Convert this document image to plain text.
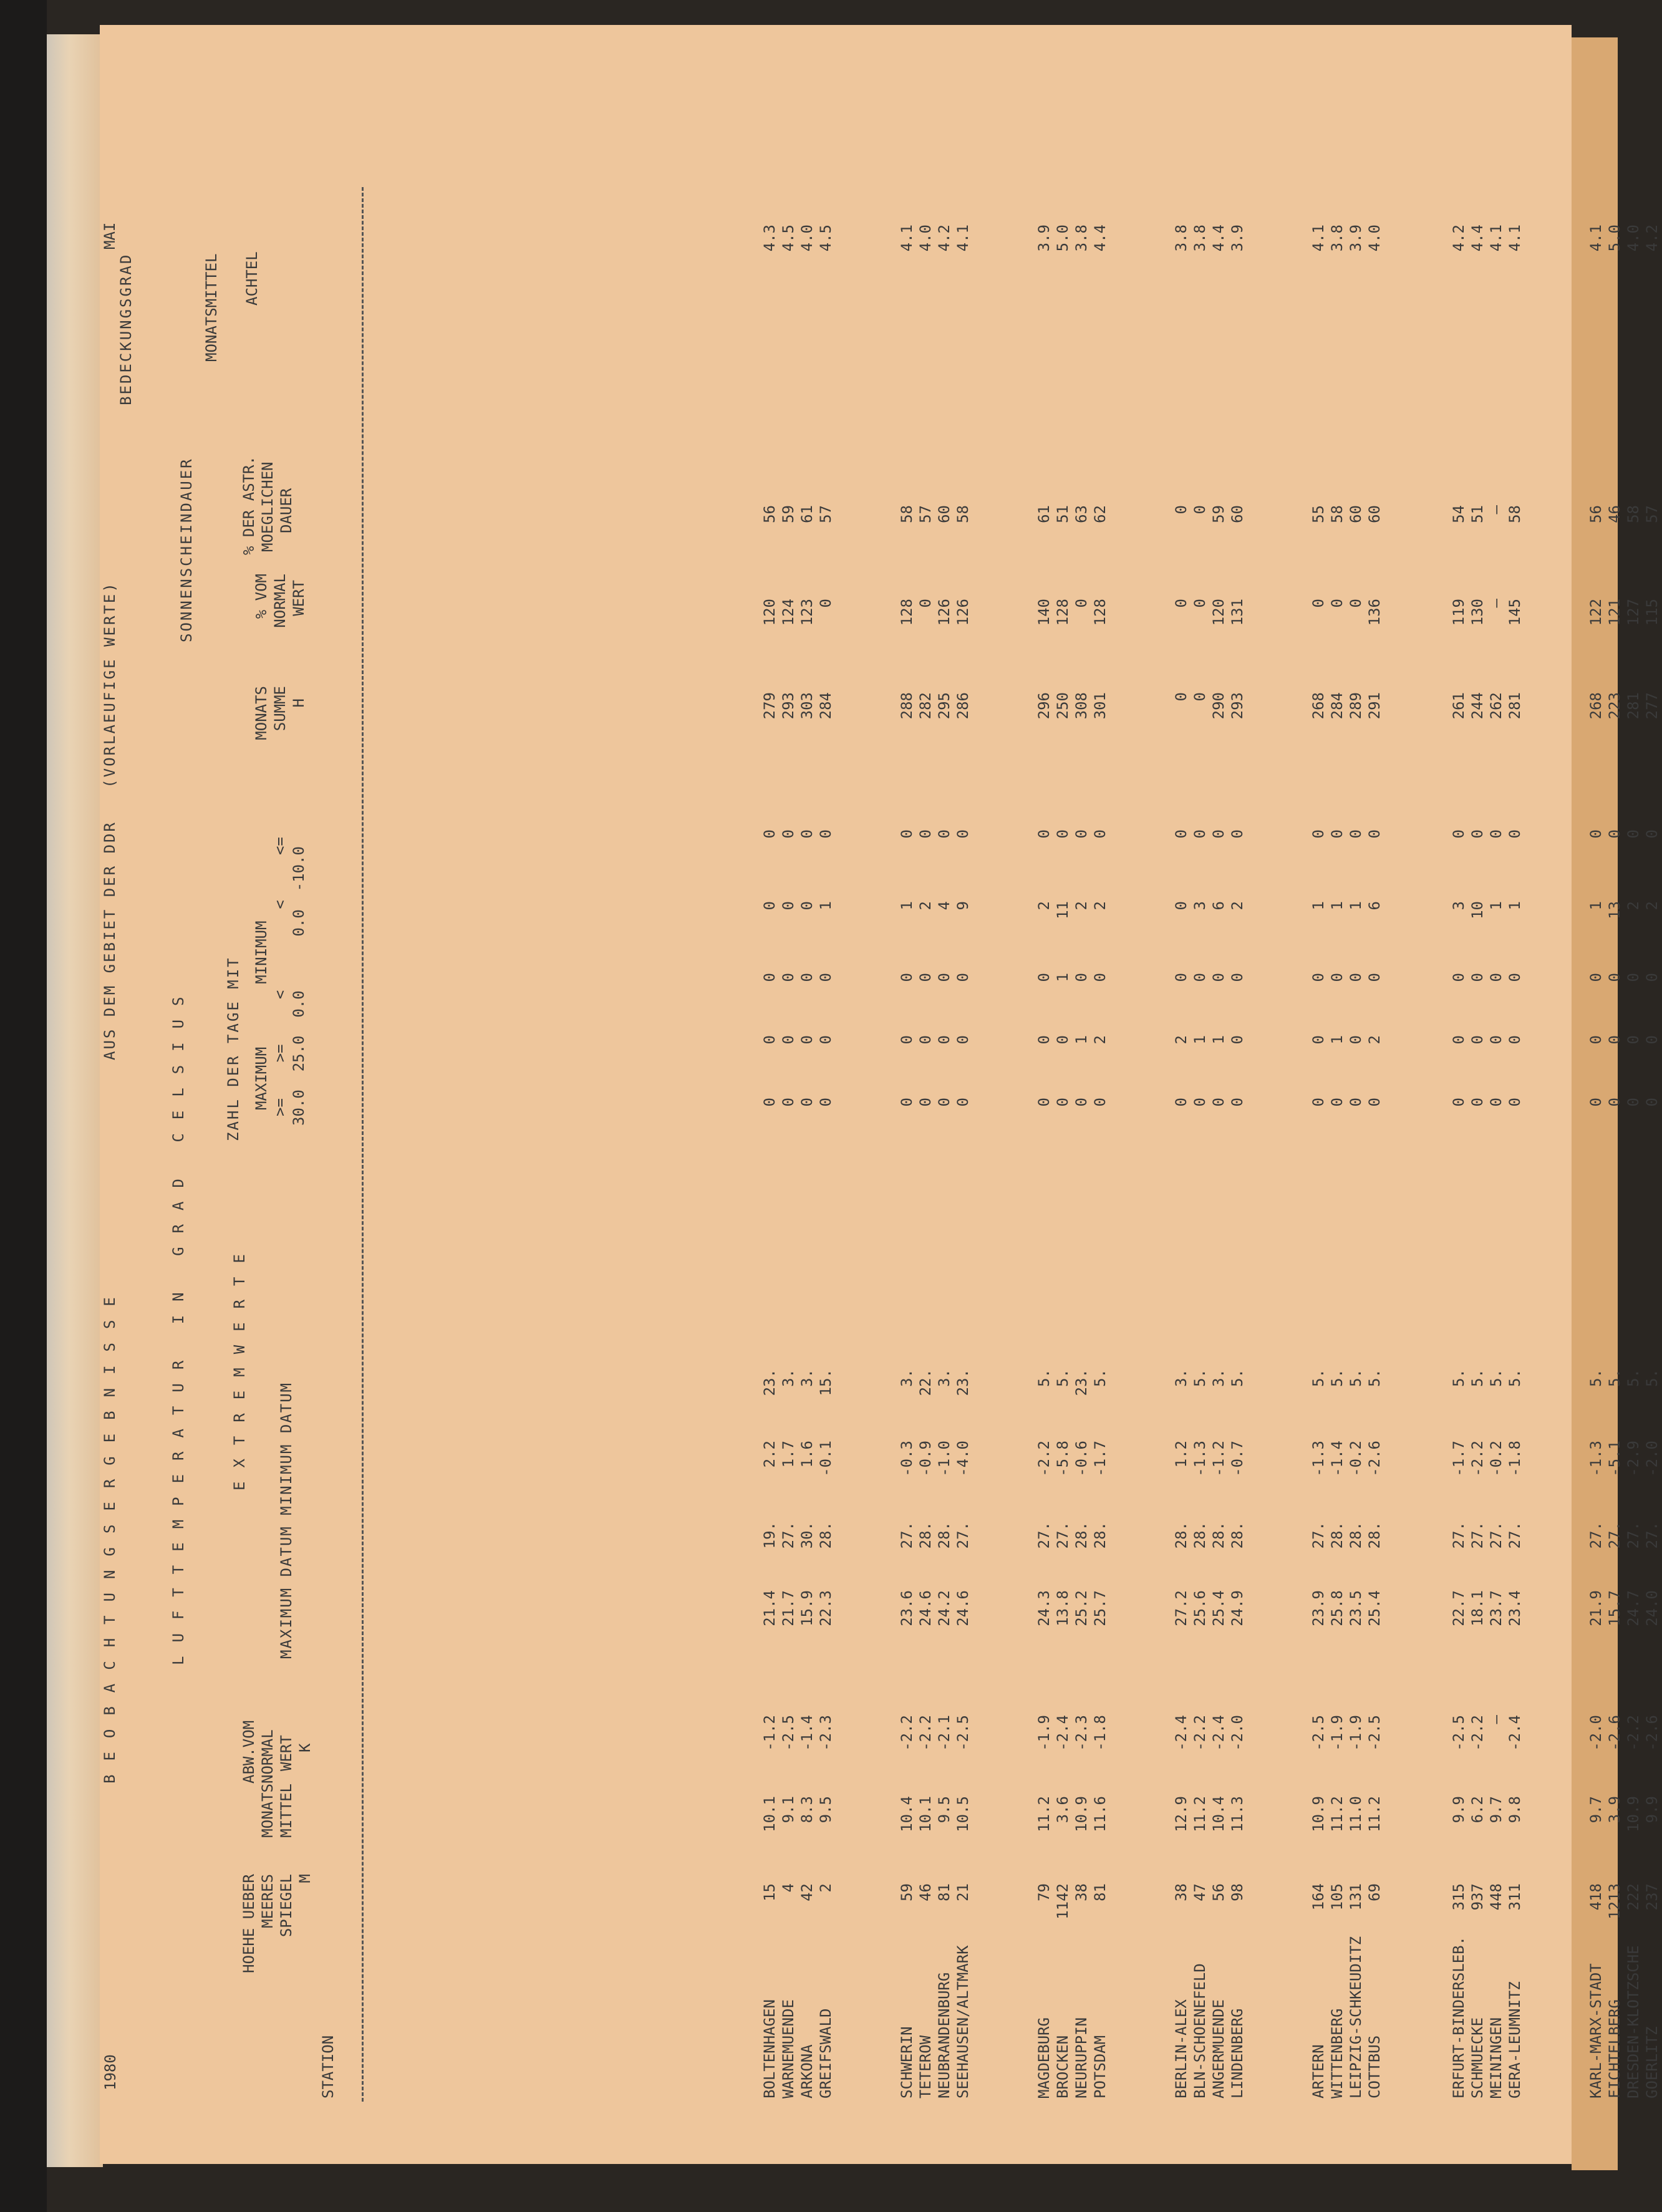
1980
BEOBACHTUNGSERGEBNISSE
AUS DEM GEBIET DER DDR   (VORLAEUFIGE WERTE)
MAI
STATION
HOEHE UEBER MEERES SPIEGEL M
LUFTTEMPERATUR IN GRAD CELSIUS
MONATS MITTEL
ABW.VOM NORMAL WERT K
EXTREMWERTE
MAXIMUM DATUM MINIMUM DATUM
ZAHL DER TAGE MIT MAXIMUM       MINIMUM >=    >=     <         <     <= 30.0  25.0  0.0      0.0  -10.0
SONNENSCHEINDAUER
MONATS SUMME H
% VOM NORMAL WERT
% DER ASTR. MOEGLICHEN DAUER
BEDECKUNGSGRAD	MONATSMITTEL ACHTEL
BOLTENHAGEN
15
10.1
-1.2
21.4
19.
2.2
23.
0
0
0
0
0
279
120
56
4.3
WARNEMUENDE
4
9.1
-2.5
21.7
27.
1.7
3.
0
0
0
0
0
293
124
59
4.5
ARKONA
42
8.3
-1.4
15.9
30.
1.6
3.
0
0
0
0
0
303
123
61
4.0
GREIFSWALD
2
9.5
-2.3
22.3
28.
-0.1
15.
0
0
0
1
0
284
0
57
4.5
SCHWERIN
59
10.4
-2.2
23.6
27.
-0.3
3.
0
0
0
1
0
288
128
58
4.1
TETEROW
46
10.1
-2.2
24.6
28.
-0.9
22.
0
0
0
2
0
282
0
57
4.0
NEUBRANDENBURG
81
9.5
-2.1
24.2
28.
-1.0
3.
0
0
0
4
0
295
126
60
4.2
SEEHAUSEN/ALTMARK
21
10.5
-2.5
24.6
27.
-4.0
23.
0
0
0
9
0
286
126
58
4.1
MAGDEBURG
79
11.2
-1.9
24.3
27.
-2.2
5.
0
0
0
2
0
296
140
61
3.9
BROCKEN
1142
3.6
-2.4
13.8
27.
-5.8
5.
0
0
1
11
0
250
128
51
5.0
NEURUPPIN
38
10.9
-2.3
25.2
28.
-0.6
23.
0
1
0
2
0
308
0
63
3.8
POTSDAM
81
11.6
-1.8
25.7
28.
-1.7
5.
0
2
0
2
0
301
128
62
4.4
BERLIN-ALEX
38
12.9
-2.4
27.2
28.
1.2
3.
0
2
0
0
0
0
0
0
3.8
BLN-SCHOENEFELD
47
11.2
-2.2
25.6
28.
-1.3
5.
0
1
0
3
0
0
0
0
3.8
ANGERMUENDE
56
10.4
-2.4
25.4
28.
-1.2
3.
0
1
0
6
0
290
120
59
4.4
LINDENBERG
98
11.3
-2.0
24.9
28.
-0.7
5.
0
0
0
2
0
293
131
60
3.9
ARTERN
164
10.9
-2.5
23.9
27.
-1.3
5.
0
0
0
1
0
268
0
55
4.1
WITTENBERG
105
11.2
-1.9
25.8
28.
-1.4
5.
0
1
0
1
0
284
0
58
3.8
LEIPZIG-SCHKEUDITZ
131
11.0
-1.9
23.5
28.
-0.2
5.
0
0
0
1
0
289
0
60
3.9
COTTBUS
69
11.2
-2.5
25.4
28.
-2.6
5.
0
2
0
6
0
291
136
60
4.0
ERFURT-BINDERSLEB.
315
9.9
-2.5
22.7
27.
-1.7
5.
0
0
0
3
0
261
119
54
4.2
SCHMUECKE
937
6.2
-2.2
18.1
27.
-2.2
5.
0
0
0
10
0
244
130
51
4.4
MEININGEN
448
9.7
—
23.7
27.
-0.2
5.
0
0
0
1
0
262
—
—
4.1
GERA-LEUMNITZ
311
9.8
-2.4
23.4
27.
-1.8
5.
0
0
0
1
0
281
145
58
4.1
KARL-MARX-STADT
418
9.7
-2.0
21.9
27.
-1.3
5.
0
0
0
1
0
268
122
56
4.1
FICHTELBERG
1213
3.9
-2.6
15.7
27.
-5.1
5.
0
0
0
13
0
223
121
46
5.0
DRESDEN-KLOTZSCHE
222
10.9
-2.2
24.7
27.
-2.9
5.
0
0
0
2
0
281
127
58
4.0
GOERLITZ
237
9.9
-2.6
24.0
27.
-2.0
5.
0
0
0
2
0
277
115
57
4.2
